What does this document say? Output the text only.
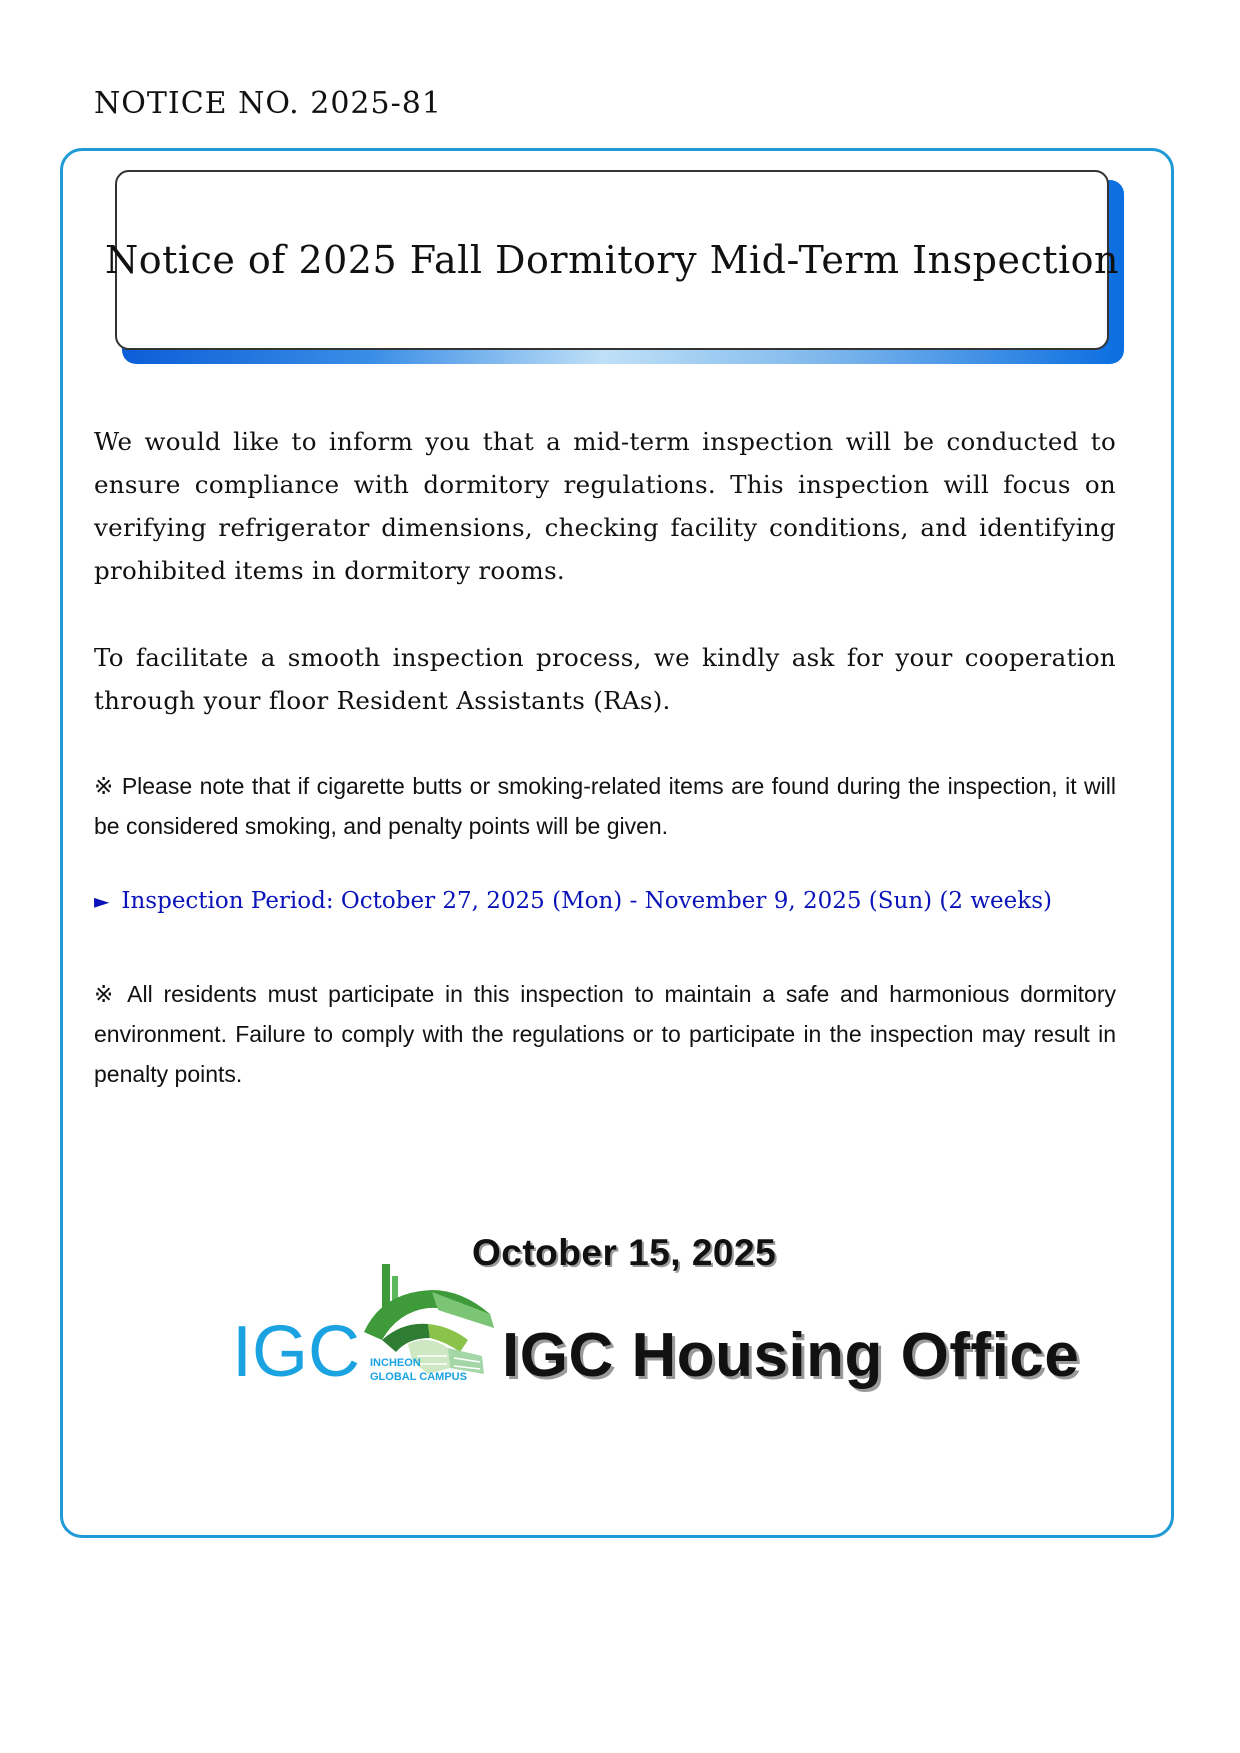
NOTICE NO. 2025-81
Notice of 2025 Fall Dormitory Mid-Term Inspection

We would like to inform you that a mid-term inspection will be conducted to ensure compliance with dormitory regulations. This inspection will focus on verifying refrigerator dimensions, checking facility conditions, and identifying prohibited items in dormitory rooms.

To facilitate a smooth inspection process, we kindly ask for your cooperation through your floor Resident Assistants (RAs).

※ Please note that if cigarette butts or smoking-related items are found during the inspection, it will be considered smoking, and penalty points will be given.

► Inspection Period: October 27, 2025 (Mon) - November 9, 2025 (Sun) (2 weeks)

※ All residents must participate in this inspection to maintain a safe and harmonious dormitory environment. Failure to comply with the regulations or to participate in the inspection may result in penalty points.

October 15, 2025
IGC INCHEON
GLOBAL CAMPUS IGC Housing Office
